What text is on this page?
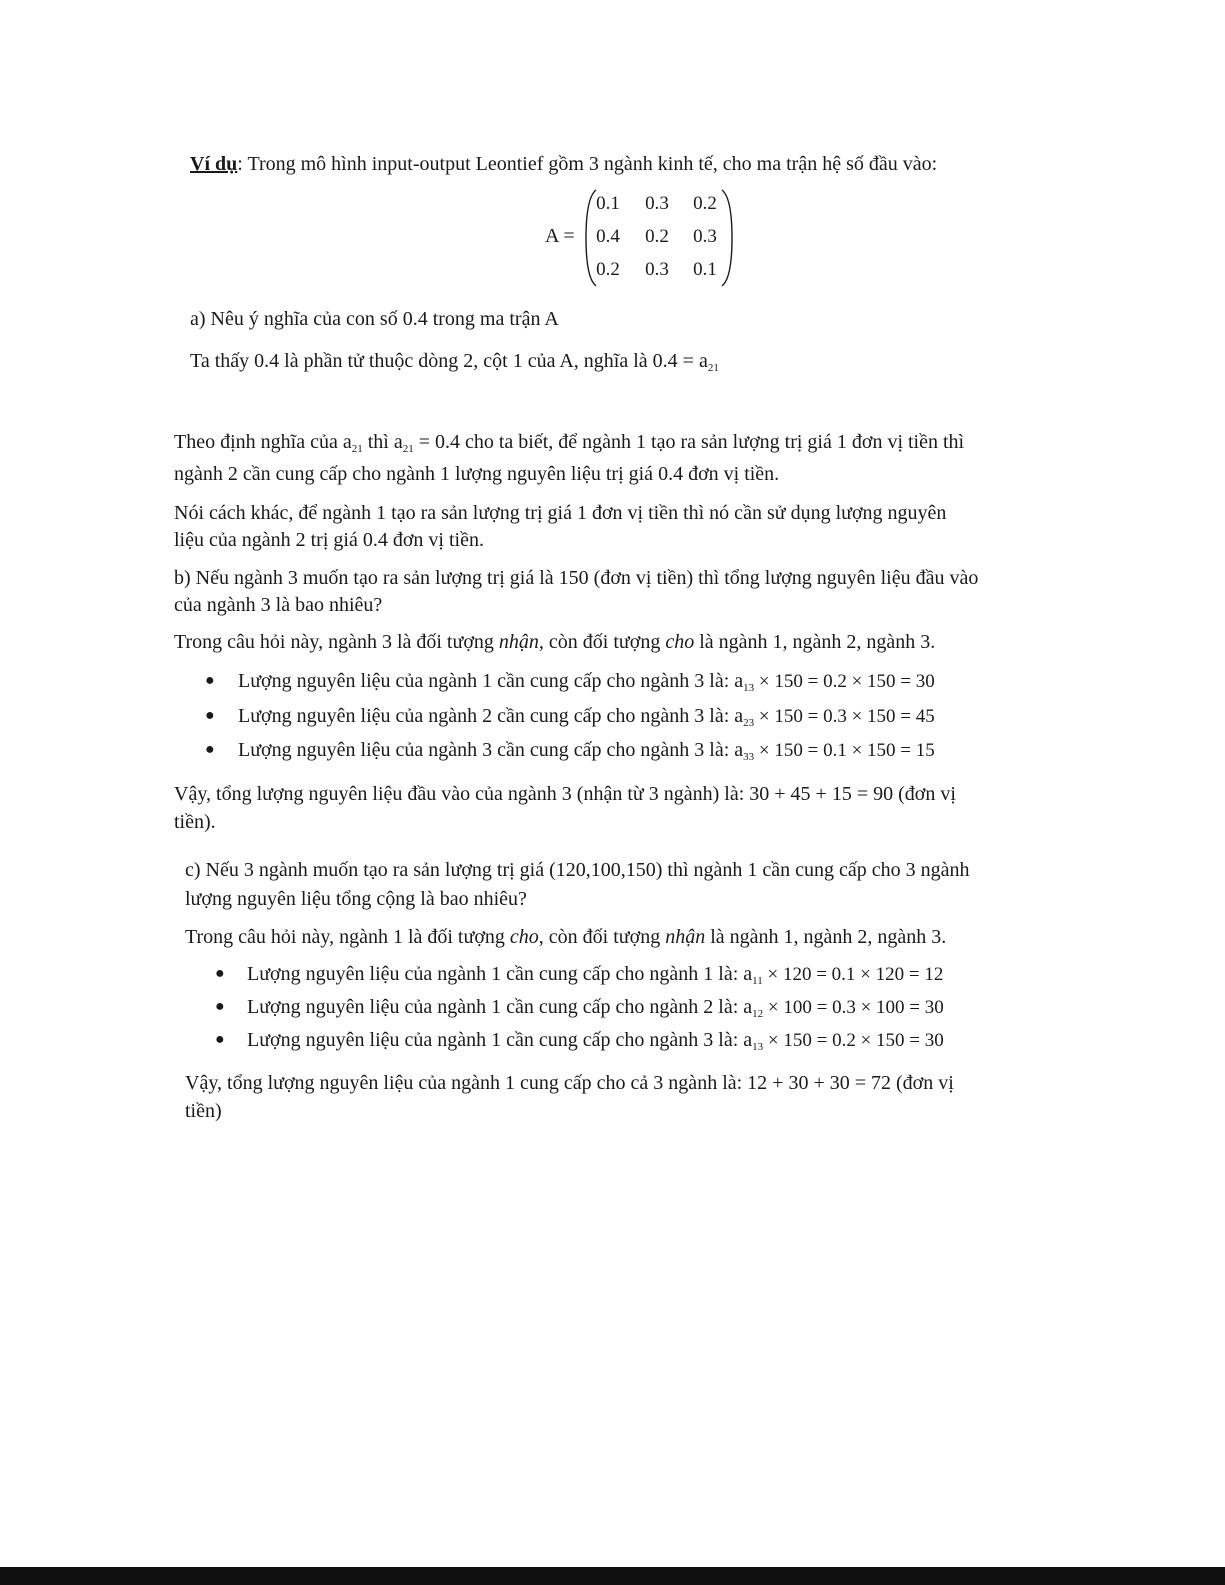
Ví dụ: Trong mô hình input-output Leontief gồm 3 ngành kinh tế, cho ma trận hệ số đầu vào:
A =
0.1	0.3	0.2
0.4	0.2	0.3
0.2	0.3	0.1
a) Nêu ý nghĩa của con số 0.4 trong ma trận A
Ta thấy 0.4 là phần tử thuộc dòng 2, cột 1 của A, nghĩa là $0.4 = a_{21}$
Theo định nghĩa của $a_{21}$ thì $a_{21} = 0.4$ cho ta biết, để ngành 1 tạo ra sản lượng trị giá 1 đơn vị tiền thì
ngành 2 cần cung cấp cho ngành 1 lượng nguyên liệu trị giá 0.4 đơn vị tiền.
Nói cách khác, để ngành 1 tạo ra sản lượng trị giá 1 đơn vị tiền thì nó cần sử dụng lượng nguyên
liệu của ngành 2 trị giá 0.4 đơn vị tiền.
b) Nếu ngành 3 muốn tạo ra sản lượng trị giá là 150 (đơn vị tiền) thì tổng lượng nguyên liệu đầu vào
của ngành 3 là bao nhiêu?
Trong câu hỏi này, ngành 3 là đối tượng nhận, còn đối tượng cho là ngành 1, ngành 2, ngành 3.
● Lượng nguyên liệu của ngành 1 cần cung cấp cho ngành 3 là: $a_{13} \times 150 = 0.2 \times 150 = 30$
● Lượng nguyên liệu của ngành 2 cần cung cấp cho ngành 3 là: $a_{23} \times 150 = 0.3 \times 150 = 45$
● Lượng nguyên liệu của ngành 3 cần cung cấp cho ngành 3 là: $a_{33} \times 150 = 0.1 \times 150 = 15$
Vậy, tổng lượng nguyên liệu đầu vào của ngành 3 (nhận từ 3 ngành) là: 30 + 45 + 15 = 90 (đơn vị
tiền).
c) Nếu 3 ngành muốn tạo ra sản lượng trị giá (120,100,150) thì ngành 1 cần cung cấp cho 3 ngành
lượng nguyên liệu tổng cộng là bao nhiêu?
Trong câu hỏi này, ngành 1 là đối tượng cho, còn đối tượng nhận là ngành 1, ngành 2, ngành 3.
● Lượng nguyên liệu của ngành 1 cần cung cấp cho ngành 1 là: $a_{11} \times 120 = 0.1 \times 120 = 12$
● Lượng nguyên liệu của ngành 1 cần cung cấp cho ngành 2 là: $a_{12} \times 100 = 0.3 \times 100 = 30$
● Lượng nguyên liệu của ngành 1 cần cung cấp cho ngành 3 là: $a_{13} \times 150 = 0.2 \times 150 = 30$
Vậy, tổng lượng nguyên liệu của ngành 1 cung cấp cho cả 3 ngành là: 12 + 30 + 30 = 72 (đơn vị
tiền)
